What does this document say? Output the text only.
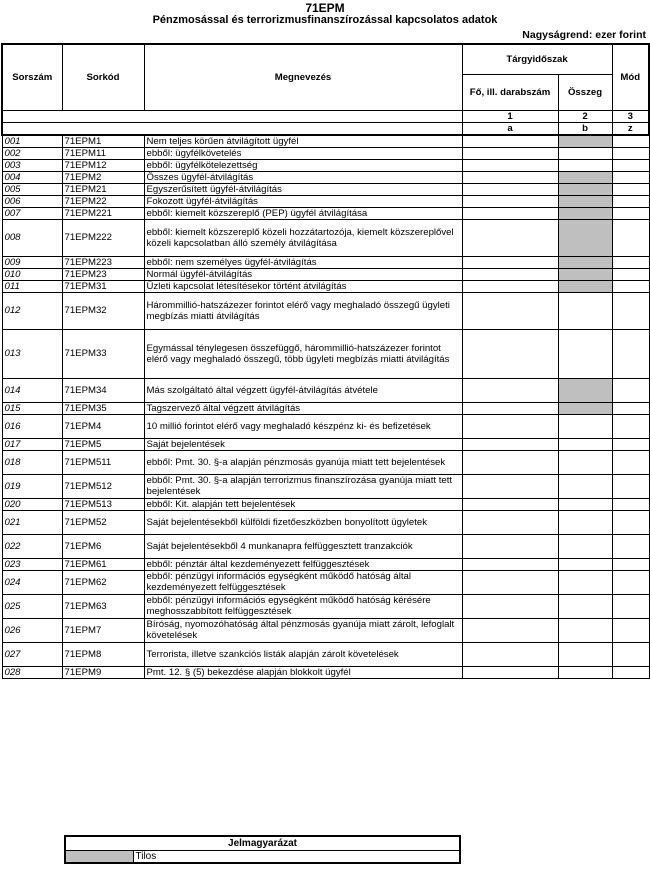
71EPM
Pénzmosással és terrorizmusfinanszírozással kapcsolatos adatok
Nagyságrend: ezer forint
Sorszám	Sorkód	Megnevezés	Tárgyidőszak		Mód
			Fő, ill. darabszám	Összeg	
			1	2	3
			a	b	z
001	71EPM1	Nem teljes körűen átvilágított ügyfél			
002	71EPM11	ebből: ügyfélkövetelés			
003	71EPM12	ebből: ügyfélkötelezettség			
004	71EPM2	Összes ügyfél-átvilágítás			
005	71EPM21	Egyszerűsített ügyfél-átvilágítás			
006	71EPM22	Fokozott ügyfél-átvilágítás			
007	71EPM221	ebből: kiemelt közszereplő (PEP) ügyfél átvilágítása			
008	71EPM222	ebből: kiemelt közszereplő közeli hozzátartozója, kiemelt közszereplővel közeli kapcsolatban álló személy átvilágítása			
009	71EPM223	ebből: nem személyes ügyfél-átvilágítás			
010	71EPM23	Normál ügyfél-átvilágítás			
011	71EPM31	Üzleti kapcsolat létesítésekor történt átvilágítás			
012	71EPM32	Hárommillió-hatszázezer forintot elérő vagy meghaladó összegű ügyleti megbízás miatti átvilágítás			
013	71EPM33	Egymással ténylegesen összefüggő, hárommillió-hatszázezer forintot elérő vagy meghaladó összegű, több ügyleti megbízás miatti átvilágítás			
014	71EPM34	Más szolgáltató által végzett ügyfél-átvilágítás átvétele			
015	71EPM35	Tagszervező által végzett átvilágítás			
016	71EPM4	10 millió forintot elérő vagy meghaladó készpénz ki- és befizetések			
017	71EPM5	Saját bejelentések			
018	71EPM511	ebből: Pmt. 30. §-a alapján pénzmosás gyanúja miatt tett bejelentések			
019	71EPM512	ebből: Pmt. 30. §-a alapján terrorizmus finanszírozása gyanúja miatt tett bejelentések			
020	71EPM513	ebből: Kit. alapján tett bejelentések			
021	71EPM52	Saját bejelentésekből külföldi fizetőeszközben bonyolított ügyletek			
022	71EPM6	Saját bejelentésekből 4 munkanapra felfüggesztett tranzakciók			
023	71EPM61	ebből: pénztár által kezdeményezett felfüggesztések			
024	71EPM62	ebből: pénzügyi információs egységként működő hatóság által kezdeményezett felfüggesztések			
025	71EPM63	ebből: pénzügyi információs egységként működő hatóság kérésére meghosszabbított felfüggesztések			
026	71EPM7	Bíróság, nyomozóhatóság által pénzmosás gyanúja miatt zárolt, lefoglalt követelések			
027	71EPM8	Terrorista, illetve szankciós listák alapján zárolt követelések			
028	71EPM9	Pmt. 12. § (5) bekezdése alapján blokkolt ügyfél			
Jelmagyarázat
	Tilos
